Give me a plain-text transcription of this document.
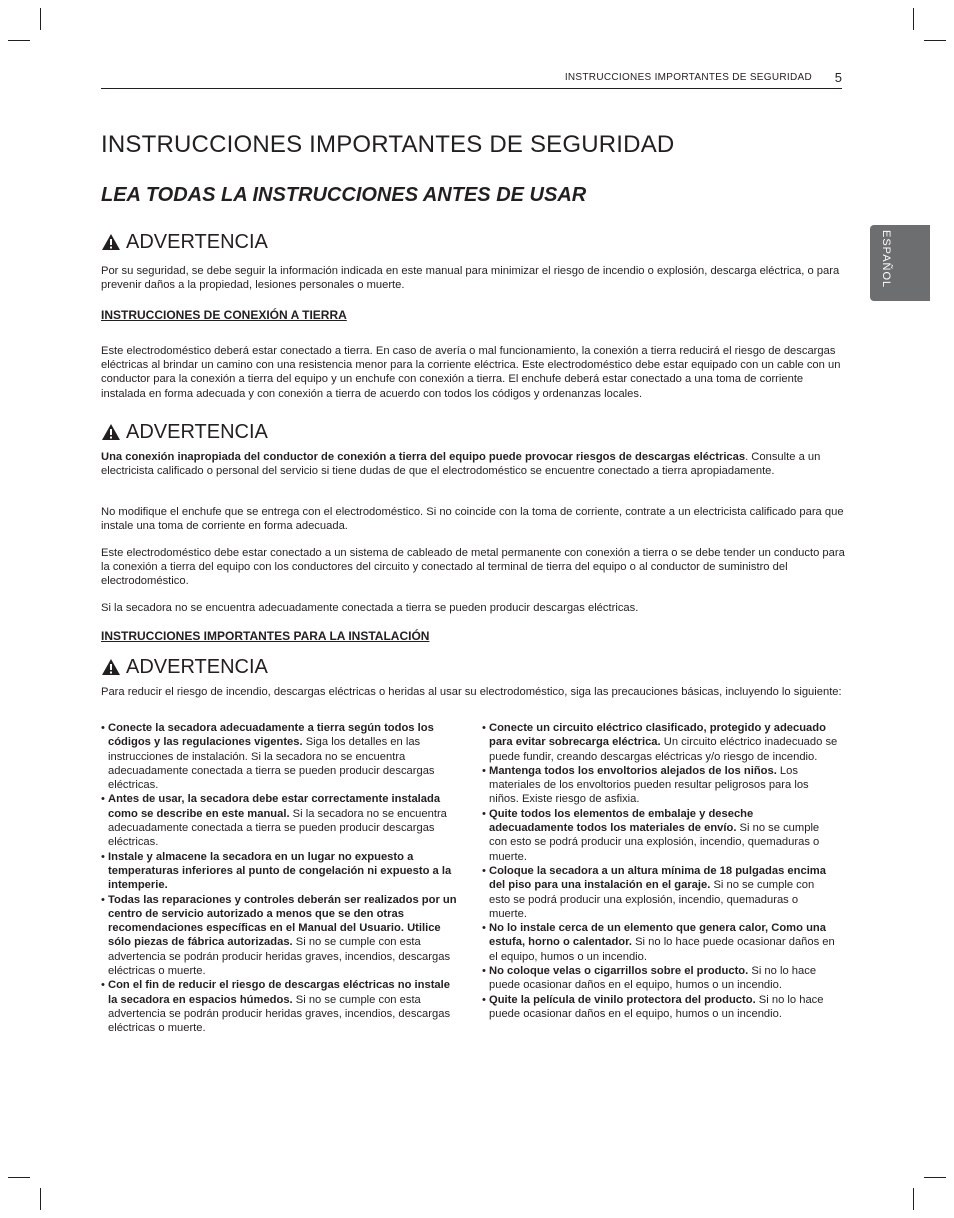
INSTRUCCIONES IMPORTANTES DE SEGURIDAD 5
ESPAÑOL
INSTRUCCIONES IMPORTANTES DE SEGURIDAD
LEA TODAS LA INSTRUCCIONES ANTES DE USAR
ADVERTENCIA

Por su seguridad, se debe seguir la información indicada en este manual para minimizar el riesgo de incendio o explosión, descarga eléctrica, o para prevenir daños a la propiedad, lesiones personales o muerte.

INSTRUCCIONES DE CONEXIÓN A TIERRA

Este electrodoméstico deberá estar conectado a tierra. En caso de avería o mal funcionamiento, la conexión a tierra reducirá el riesgo de descargas eléctricas al brindar un camino con una resistencia menor para la corriente eléctrica. Este electrodoméstico debe estar equipado con un cable con un conductor para la conexión a tierra del equipo y un enchufe con conexión a tierra. El enchufe deberá estar conectado a una toma de corriente instalada en forma adecuada y con conexión a tierra de acuerdo con todos los códigos y ordenanzas locales.

ADVERTENCIA

Una conexión inapropiada del conductor de conexión a tierra del equipo puede provocar riesgos de descargas eléctricas. Consulte a un electricista calificado o personal del servicio si tiene dudas de que el electrodoméstico se encuentre conectado a tierra apropiadamente.

No modifique el enchufe que se entrega con el electrodoméstico. Si no coincide con la toma de corriente, contrate a un electricista calificado para que instale una toma de corriente en forma adecuada.

Este electrodoméstico debe estar conectado a un sistema de cableado de metal permanente con conexión a tierra o se debe tender un conducto para la conexión a tierra del equipo con los conductores del circuito y conectado al terminal de tierra del equipo o al conductor de suministro del electrodoméstico.

Si la secadora no se encuentra adecuadamente conectada a tierra se pueden producir descargas eléctricas.

INSTRUCCIONES IMPORTANTES PARA LA INSTALACIÓN
ADVERTENCIA

Para reducir el riesgo de incendio, descargas eléctricas o heridas al usar su electrodoméstico, siga las precauciones básicas, incluyendo lo siguiente:

• Conecte la secadora adecuadamente a tierra según todos los códigos y las regulaciones vigentes. Siga los detalles en las instrucciones de instalación. Si la secadora no se encuentra adecuadamente conectada a tierra se pueden producir descargas eléctricas.
• Antes de usar, la secadora debe estar correctamente instalada como se describe en este manual. Si la secadora no se encuentra adecuadamente conectada a tierra se pueden producir descargas eléctricas.
• Instale y almacene la secadora en un lugar no expuesto a temperaturas inferiores al punto de congelación ni expuesto a la intemperie.
• Todas las reparaciones y controles deberán ser realizados por un centro de servicio autorizado a menos que se den otras recomendaciones específicas en el Manual del Usuario. Utilice sólo piezas de fábrica autorizadas. Si no se cumple con esta advertencia se podrán producir heridas graves, incendios, descargas eléctricas o muerte.
• Con el fin de reducir el riesgo de descargas eléctricas no instale la secadora en espacios húmedos. Si no se cumple con esta advertencia se podrán producir heridas graves, incendios, descargas eléctricas o muerte.
• Conecte un circuito eléctrico clasificado, protegido y adecuado para evitar sobrecarga eléctrica. Un circuito eléctrico inadecuado se puede fundir, creando descargas eléctricas y/o riesgo de incendio.
• Mantenga todos los envoltorios alejados de los niños. Los materiales de los envoltorios pueden resultar peligrosos para los niños. Existe riesgo de asfixia.
• Quite todos los elementos de embalaje y deseche adecuadamente todos los materiales de envío. Si no se cumple con esto se podrá producir una explosión, incendio, quemaduras o muerte.
• Coloque la secadora a un altura mínima de 18 pulgadas encima del piso para una instalación en el garaje. Si no se cumple con esto se podrá producir una explosión, incendio, quemaduras o muerte.
• No lo instale cerca de un elemento que genera calor, Como una estufa, horno o calentador. Si no lo hace puede ocasionar daños en el equipo, humos o un incendio.
• No coloque velas o cigarrillos sobre el producto. Si no lo hace puede ocasionar daños en el equipo, humos o un incendio.
• Quite la película de vinilo protectora del producto. Si no lo hace puede ocasionar daños en el equipo, humos o un incendio.
